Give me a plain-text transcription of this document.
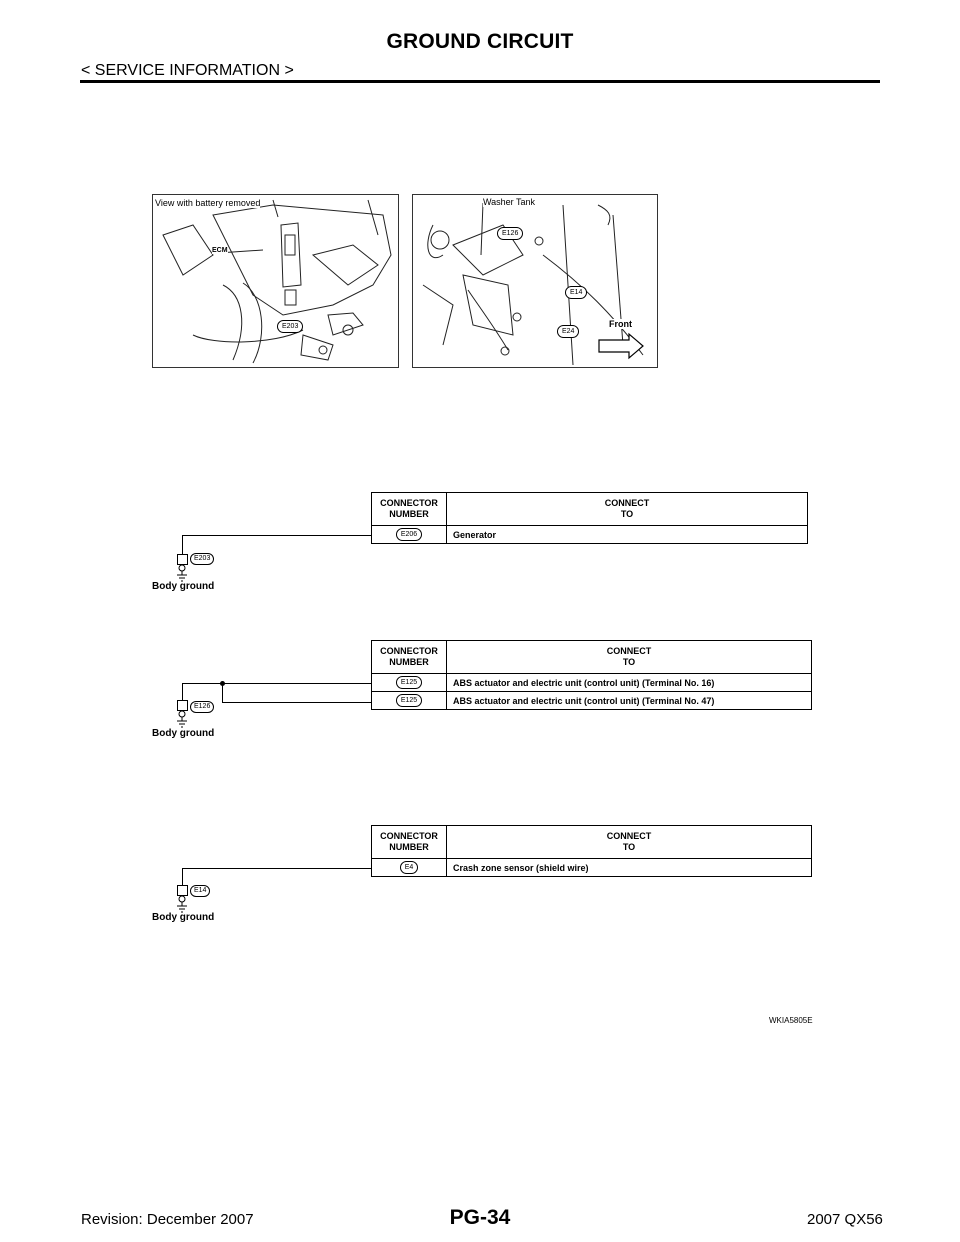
GROUND CIRCUIT
< SERVICE INFORMATION >
View with battery removed
ECM
E203
Washer Tank
E126
E14
E24
Front
CONNECTOR
NUMBER	CONNECT
TO
E206	Generator
E203
Body ground
CONNECTOR
NUMBER	CONNECT
TO
E125	ABS actuator and electric unit (control unit) (Terminal No. 16)
E125	ABS actuator and electric unit (control unit) (Terminal No. 47)
E126
Body ground
CONNECTOR
NUMBER	CONNECT
TO
E4	Crash zone sensor (shield wire)
E14
Body ground
WKIA5805E
Revision: December 2007	PG-34	2007 QX56
